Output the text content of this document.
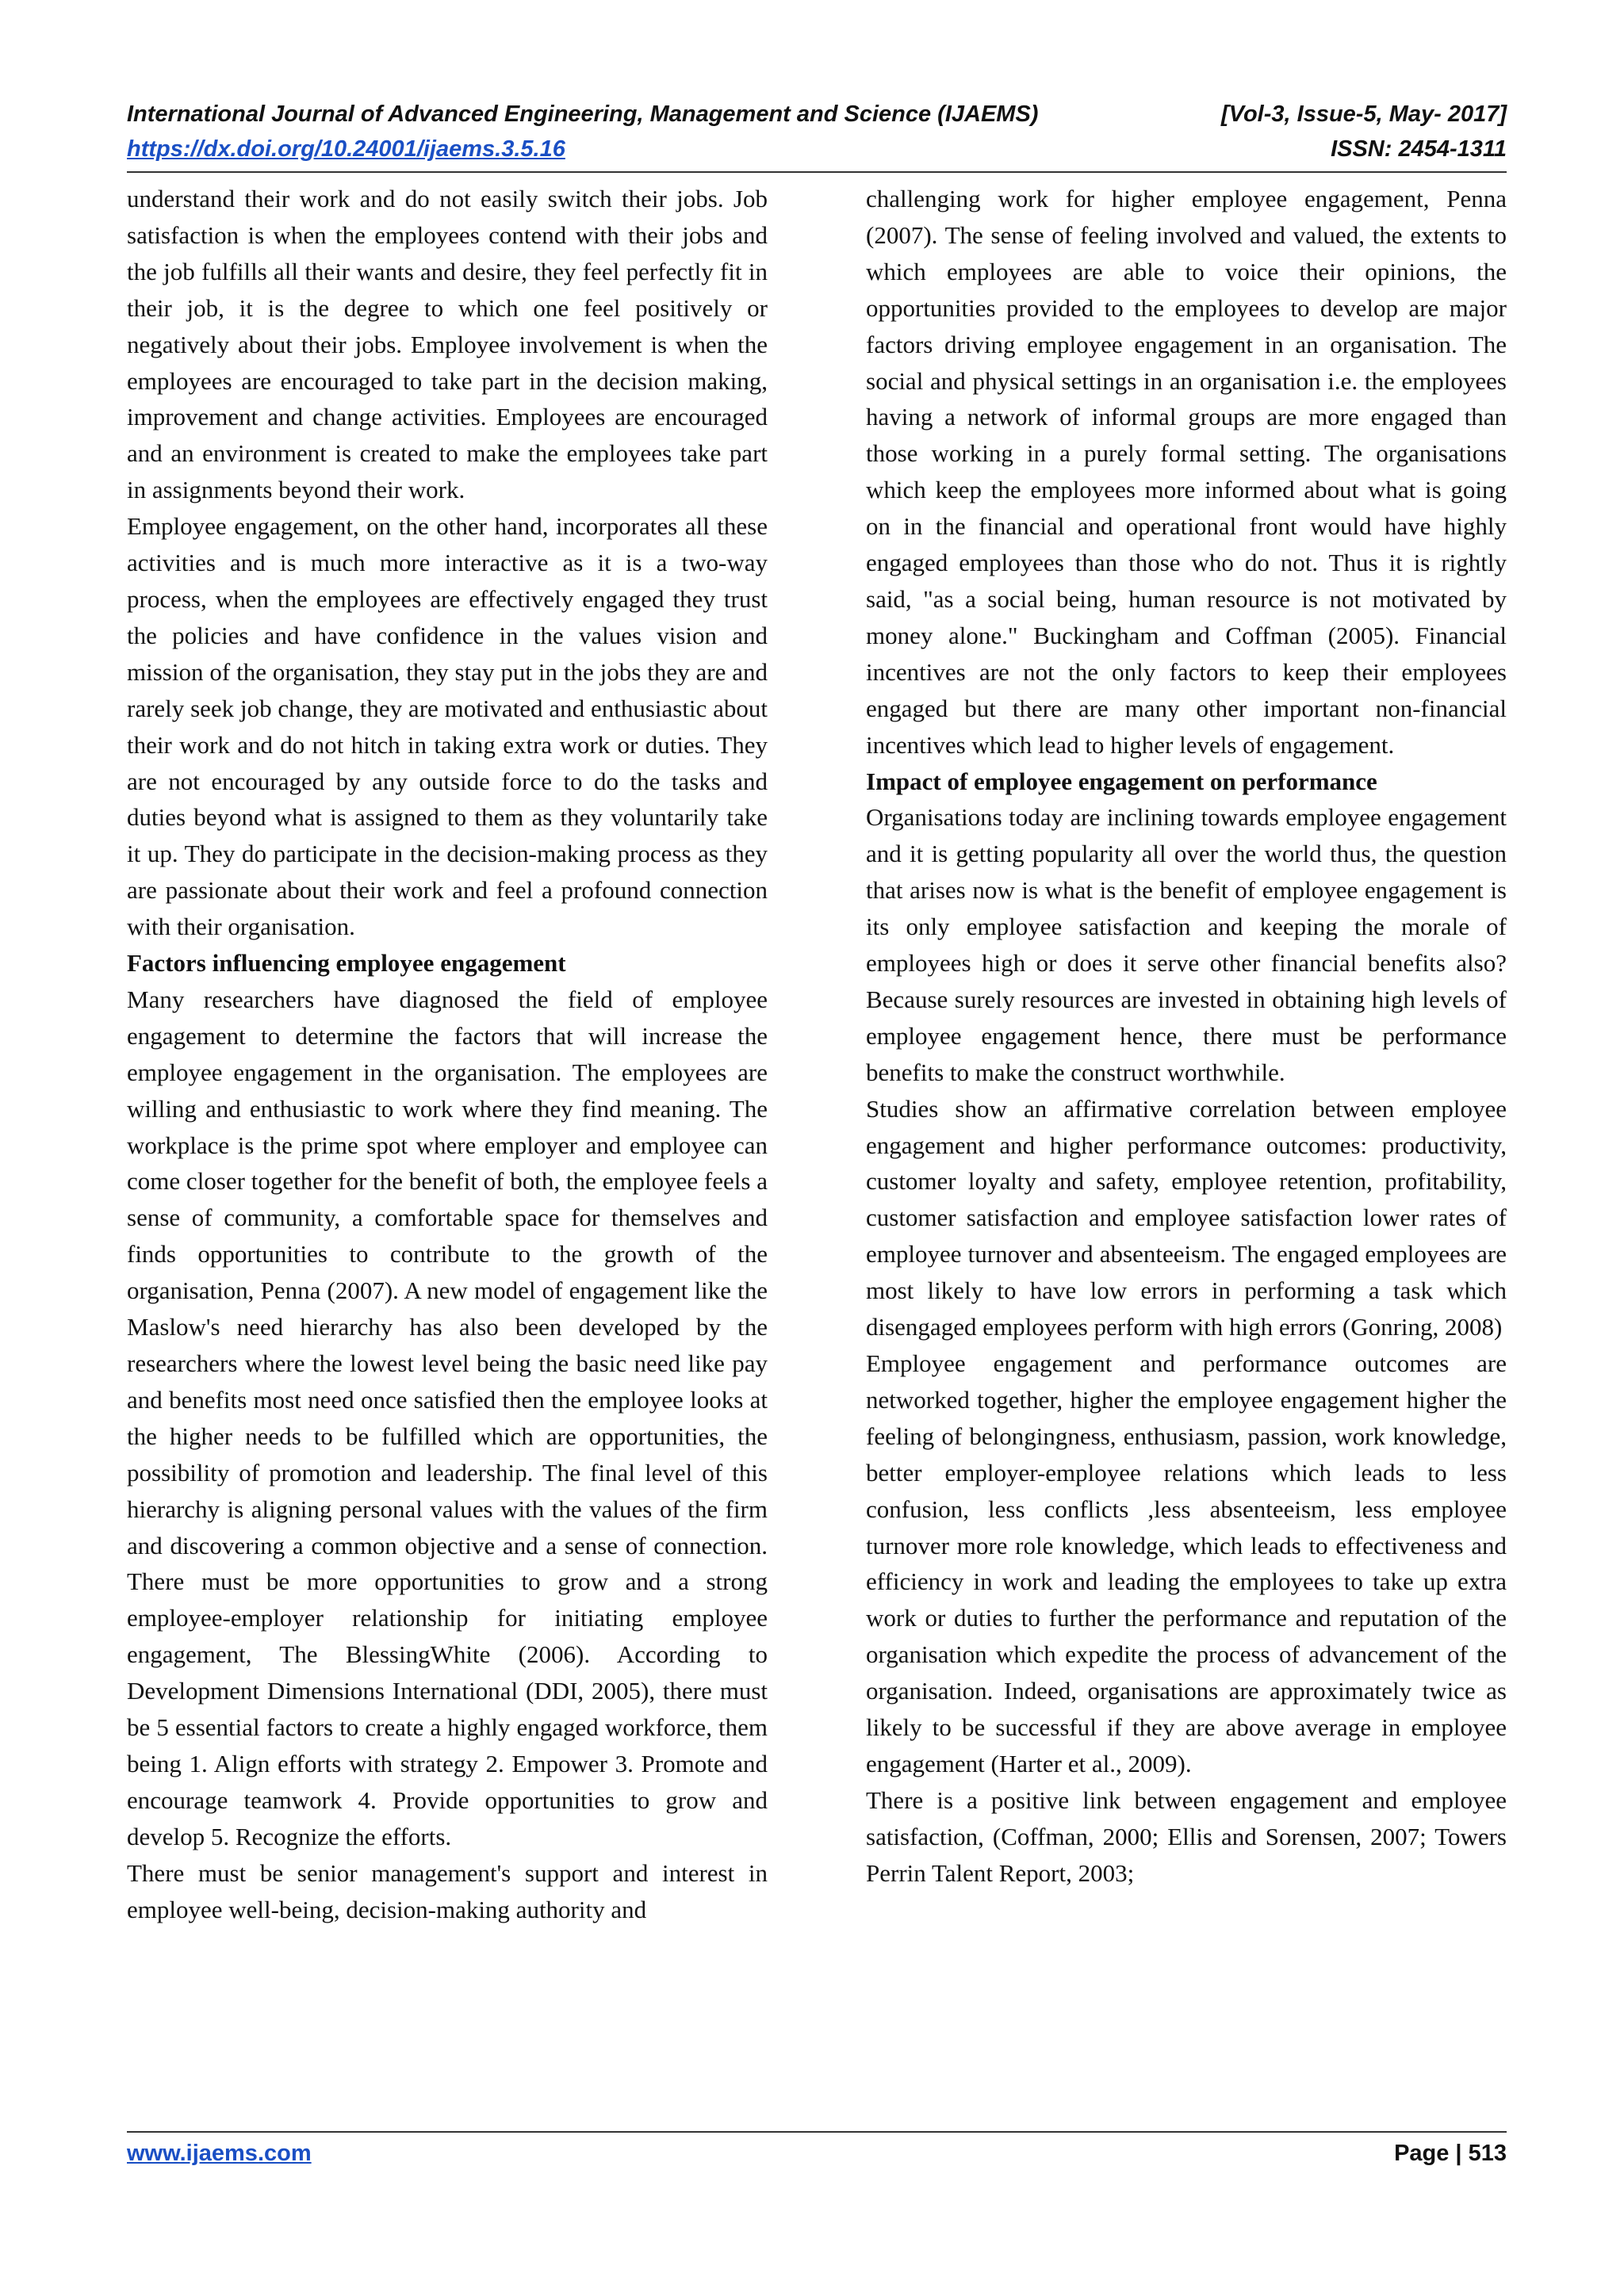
International Journal of Advanced Engineering, Management and Science (IJAEMS)	[Vol-3, Issue-5, May- 2017]
https://dx.doi.org/10.24001/ijaems.3.5.16	ISSN: 2454-1311

understand their work and do not easily switch their jobs. Job satisfaction is when the employees contend with their jobs and the job fulfills all their wants and desire, they feel perfectly fit in their job, it is the degree to which one feel positively or negatively about their jobs. Employee involvement is when the employees are encouraged to take part in the decision making, improvement and change activities. Employees are encouraged and an environment is created to make the employees take part in assignments beyond their work.

Employee engagement, on the other hand, incorporates all these activities and is much more interactive as it is a two-way process, when the employees are effectively engaged they trust the policies and have confidence in the values vision and mission of the organisation, they stay put in the jobs they are and rarely seek job change, they are motivated and enthusiastic about their work and do not hitch in taking extra work or duties. They are not encouraged by any outside force to do the tasks and duties beyond what is assigned to them as they voluntarily take it up. They do participate in the decision-making process as they are passionate about their work and feel a profound connection with their organisation.

Factors influencing employee engagement

Many researchers have diagnosed the field of employee engagement to determine the factors that will increase the employee engagement in the organisation. The employees are willing and enthusiastic to work where they find meaning. The workplace is the prime spot where employer and employee can come closer together for the benefit of both, the employee feels a sense of community, a comfortable space for themselves and finds opportunities to contribute to the growth of the organisation, Penna (2007). A new model of engagement like the Maslow's need hierarchy has also been developed by the researchers where the lowest level being the basic need like pay and benefits most need once satisfied then the employee looks at the higher needs to be fulfilled which are opportunities, the possibility of promotion and leadership. The final level of this hierarchy is aligning personal values with the values of the firm and discovering a common objective and a sense of connection. There must be more opportunities to grow and a strong employee-employer relationship for initiating employee engagement, The BlessingWhite (2006). According to Development Dimensions International (DDI, 2005), there must be 5 essential factors to create a highly engaged workforce, them being 1. Align efforts with strategy 2. Empower 3. Promote and encourage teamwork 4. Provide opportunities to grow and develop 5. Recognize the efforts.

There must be senior management's support and interest in employee well-being, decision-making authority and

challenging work for higher employee engagement, Penna (2007). The sense of feeling involved and valued, the extents to which employees are able to voice their opinions, the opportunities provided to the employees to develop are major factors driving employee engagement in an organisation. The social and physical settings in an organisation i.e. the employees having a network of informal groups are more engaged than those working in a purely formal setting. The organisations which keep the employees more informed about what is going on in the financial and operational front would have highly engaged employees than those who do not. Thus it is rightly said, "as a social being, human resource is not motivated by money alone." Buckingham and Coffman (2005). Financial incentives are not the only factors to keep their employees engaged but there are many other important non-financial incentives which lead to higher levels of engagement.

Impact of employee engagement on performance

Organisations today are inclining towards employee engagement and it is getting popularity all over the world thus, the question that arises now is what is the benefit of employee engagement is its only employee satisfaction and keeping the morale of employees high or does it serve other financial benefits also? Because surely resources are invested in obtaining high levels of employee engagement hence, there must be performance benefits to make the construct worthwhile.

Studies show an affirmative correlation between employee engagement and higher performance outcomes: productivity, customer loyalty and safety, employee retention, profitability, customer satisfaction and employee satisfaction lower rates of employee turnover and absenteeism. The engaged employees are most likely to have low errors in performing a task which disengaged employees perform with high errors (Gonring, 2008)

Employee engagement and performance outcomes are networked together, higher the employee engagement higher the feeling of belongingness, enthusiasm, passion, work knowledge, better employer-employee relations which leads to less confusion, less conflicts ,less absenteeism, less employee turnover more role knowledge, which leads to effectiveness and efficiency in work and leading the employees to take up extra work or duties to further the performance and reputation of the organisation which expedite the process of advancement of the organisation. Indeed, organisations are approximately twice as likely to be successful if they are above average in employee engagement (Harter et al., 2009).

There is a positive link between engagement and employee satisfaction, (Coffman, 2000; Ellis and Sorensen, 2007; Towers Perrin Talent Report, 2003;

www.ijaems.com	Page | 513
